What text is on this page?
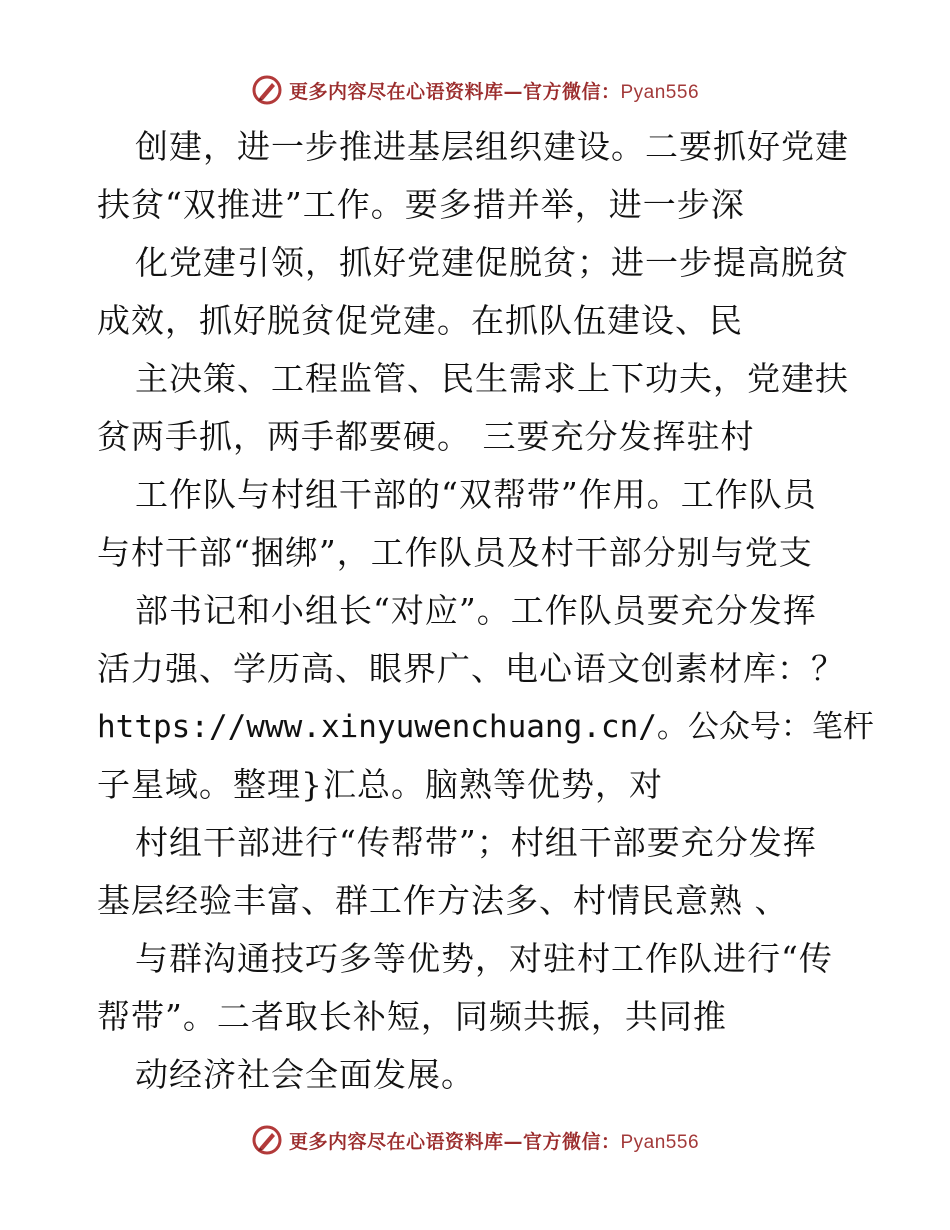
更多内容尽在心语资料库—官方微信：Pyan556
创建，进一步推进基层组织建设。二要抓好党建
扶贫“双推进”工作。要多措并举，进一步深
化党建引领，抓好党建促脱贫；进一步提高脱贫
成效，抓好脱贫促党建。在抓队伍建设、民
主决策、工程监管、民生需求上下功夫，党建扶
贫两手抓，两手都要硬。 三要充分发挥驻村
工作队与村组干部的“双帮带”作用。工作队员
与村干部“捆绑”，工作队员及村干部分别与党支
部书记和小组长“对应”。工作队员要充分发挥
活力强、学历高、眼界广、电心语文创素材库：？
https://www.xinyuwenchuang.cn/。公众号：笔杆
子星域。整理}汇总。脑熟等优势，对
村组干部进行“传帮带”；村组干部要充分发挥
基层经验丰富、群工作方法多、村情民意熟 、
与群沟通技巧多等优势，对驻村工作队进行“传
帮带”。二者取长补短，同频共振，共同推
动经济社会全面发展。
更多内容尽在心语资料库—官方微信：Pyan556
